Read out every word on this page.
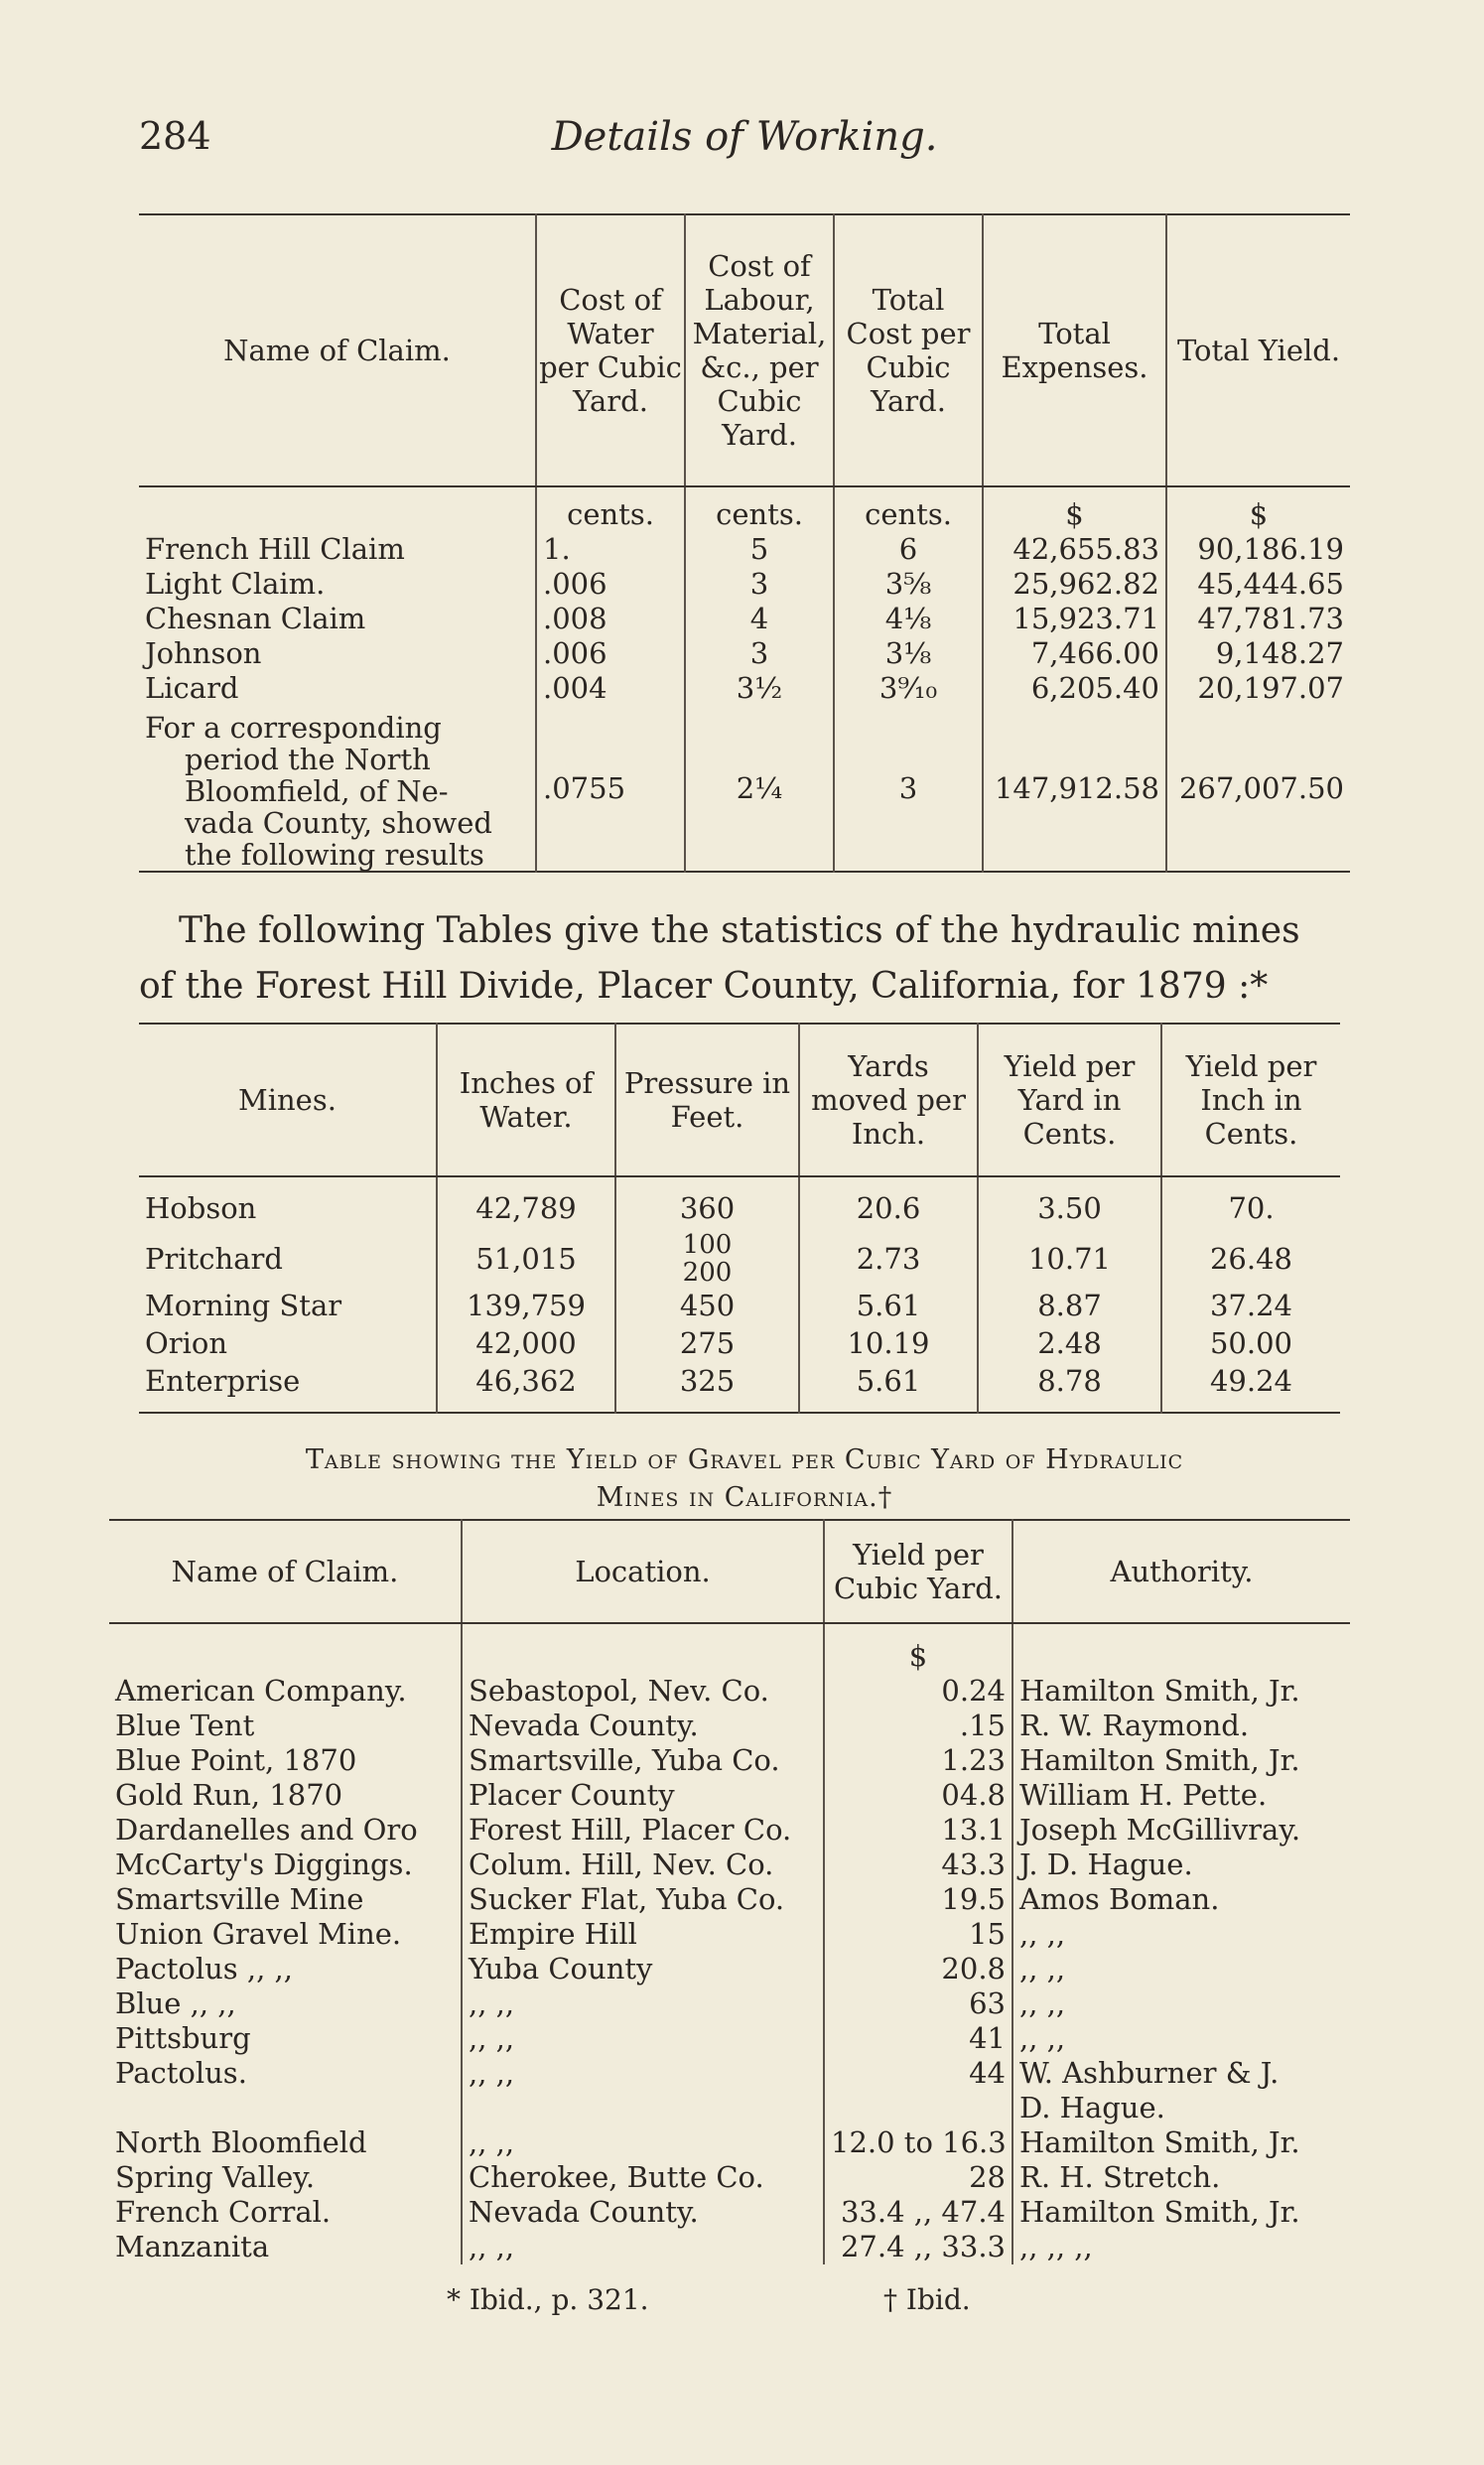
284	Details of Working.
Name of Claim.	Cost of Water per Cubic Yard.	Cost of Labour, Material, &c., per Cubic Yard.	Total Cost per Cubic Yard.	Total Expenses.	Total Yield.

	cents.	cents.	cents.	$	$
French Hill Claim	1.	5	6	42,655.83	90,186.19
Light Claim.	.006	3	3⅝	25,962.82	45,444.65
Chesnan Claim	.008	4	4⅛	15,923.71	47,781.73
Johnson	.006	3	3⅛	7,466.00	9,148.27
Licard	.004	3½	3⁹⁄₁₀	6,205.40	20,197.07

For a corresponding
period the North
Bloomfield, of Ne-
vada County, showed
the following results	.0755	2¼	3	147,912.58	267,007.50
The following Tables give the statistics of the hydraulic mines
of the Forest Hill Divide, Placer County, California, for 1879 :*
Mines.	Inches of Water.	Pressure in Feet.	Yards moved per Inch.	Yield per Yard in Cents.	Yield per Inch in Cents.
Hobson	42,789	360	20.6	3.50	70.
Pritchard	51,015	100
200	2.73	10.71	26.48
Morning Star	139,759	450	5.61	8.87	37.24
Orion	42,000	275	10.19	2.48	50.00
Enterprise	46,362	325	5.61	8.78	49.24
Table showing the Yield of Gravel per Cubic Yard of Hydraulic
Mines in California.†
Name of Claim.	Location.	Yield per Cubic Yard.	Authority.
		$	
American Company.	Sebastopol, Nev. Co.	0.24	Hamilton Smith, Jr.
Blue Tent	Nevada County.	.15	R. W. Raymond.
Blue Point, 1870	Smartsville, Yuba Co.	1.23	Hamilton Smith, Jr.
Gold Run, 1870	Placer County	04.8	William H. Pette.
Dardanelles and Oro	Forest Hill, Placer Co.	13.1	Joseph McGillivray.
McCarty's Diggings.	Colum. Hill, Nev. Co.	43.3	J. D. Hague.
Smartsville Mine	Sucker Flat, Yuba Co.	19.5	Amos Boman.
Union Gravel Mine.	Empire Hill	15	,, ,,
Pactolus ,, ,,	Yuba County	20.8	,, ,,
Blue ,, ,,	,, ,,	63	,, ,,
Pittsburg	,, ,,	41	,, ,,
Pactolus.	,, ,,	44	W. Ashburner & J.
			D. Hague.
North Bloomfield	,, ,,	12.0 to 16.3	Hamilton Smith, Jr.
Spring Valley.	Cherokee, Butte Co.	28	R. H. Stretch.
French Corral.	Nevada County.	33.4 ,, 47.4	Hamilton Smith, Jr.
Manzanita	,, ,,	27.4 ,, 33.3	,, ,, ,,
* Ibid., p. 321.	† Ibid.
